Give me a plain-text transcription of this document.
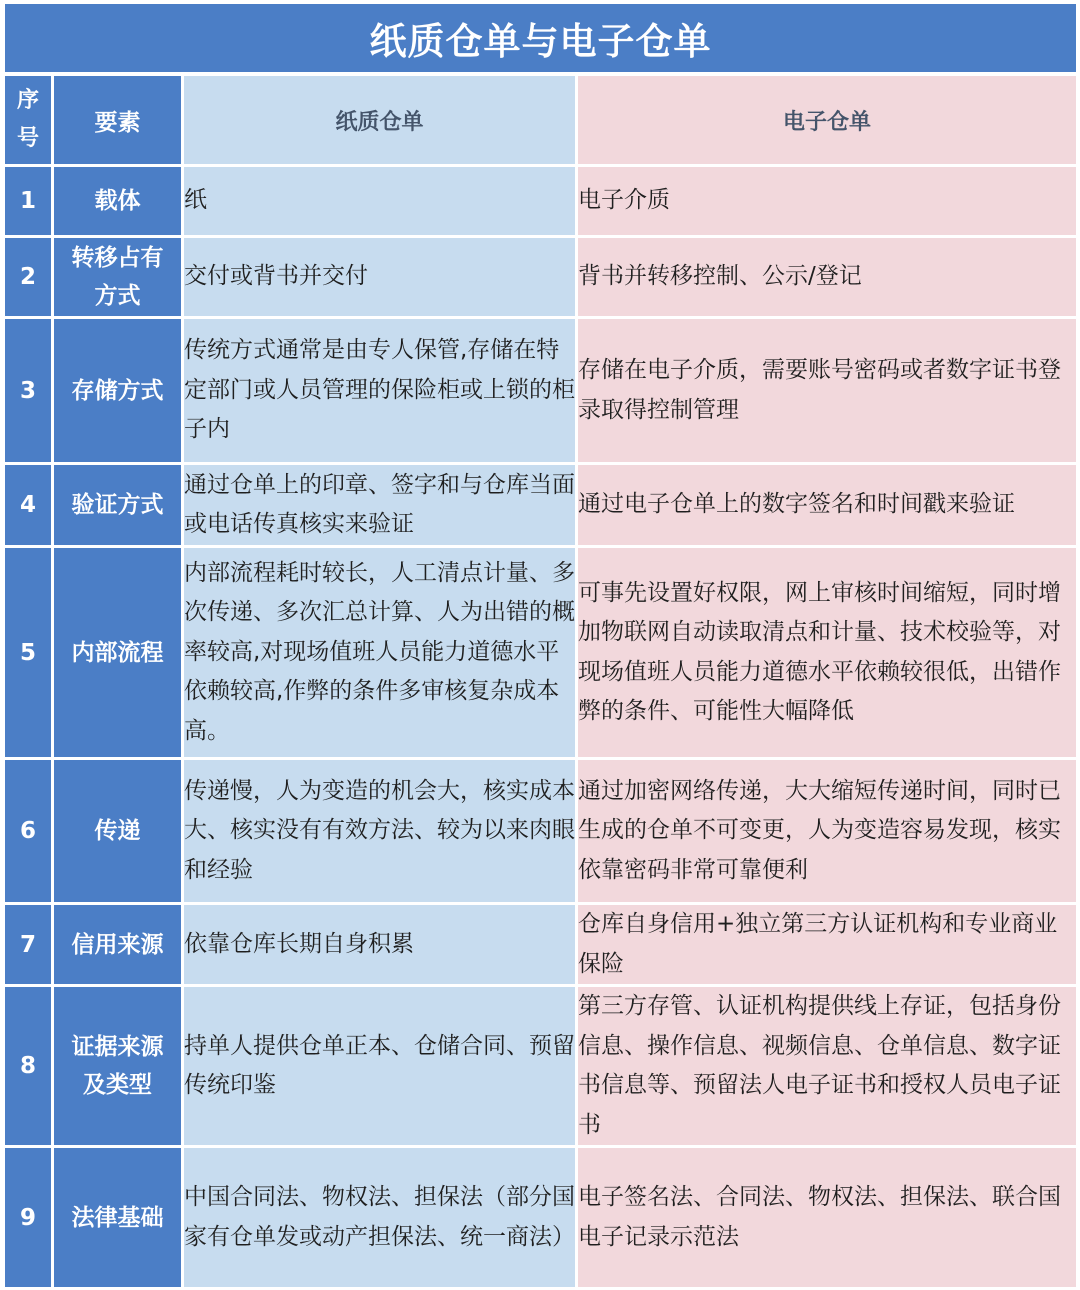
纸质仓单与电子仓单
序号	要素	纸质仓单	电子仓单
1	载体	纸	电子介质
2	转移占有方式	交付或背书并交付	背书并转移控制、公示/登记
3	存储方式	传统方式通常是由专人保管,存储在特定部门或人员管理的保险柜或上锁的柜子内	存储在电子介质，需要账号密码或者数字证书登录取得控制管理
4	验证方式	通过仓单上的印章、签字和与仓库当面或电话传真核实来验证	通过电子仓单上的数字签名和时间戳来验证
5	内部流程	内部流程耗时较长，人工清点计量、多次传递、多次汇总计算、人为出错的概率较高,对现场值班人员能力道德水平依赖较高,作弊的条件多审核复杂成本高。	可事先设置好权限，网上审核时间缩短，同时增加物联网自动读取清点和计量、技术校验等，对现场值班人员能力道德水平依赖较很低，出错作弊的条件、可能性大幅降低
6	传递	传递慢，人为变造的机会大，核实成本大、核实没有有效方法、较为以来肉眼和经验	通过加密网络传递，大大缩短传递时间，同时已生成的仓单不可变更，人为变造容易发现，核实依靠密码非常可靠便利
7	信用来源	依靠仓库长期自身积累	仓库自身信用+独立第三方认证机构和专业商业保险
8	证据来源及类型	持单人提供仓单正本、仓储合同、预留传统印鉴	第三方存管、认证机构提供线上存证，包括身份信息、操作信息、视频信息、仓单信息、数字证书信息等、预留法人电子证书和授权人员电子证书
9	法律基础	中国合同法、物权法、担保法（部分国家有仓单发或动产担保法、统一商法）	电子签名法、合同法、物权法、担保法、联合国电子记录示范法
